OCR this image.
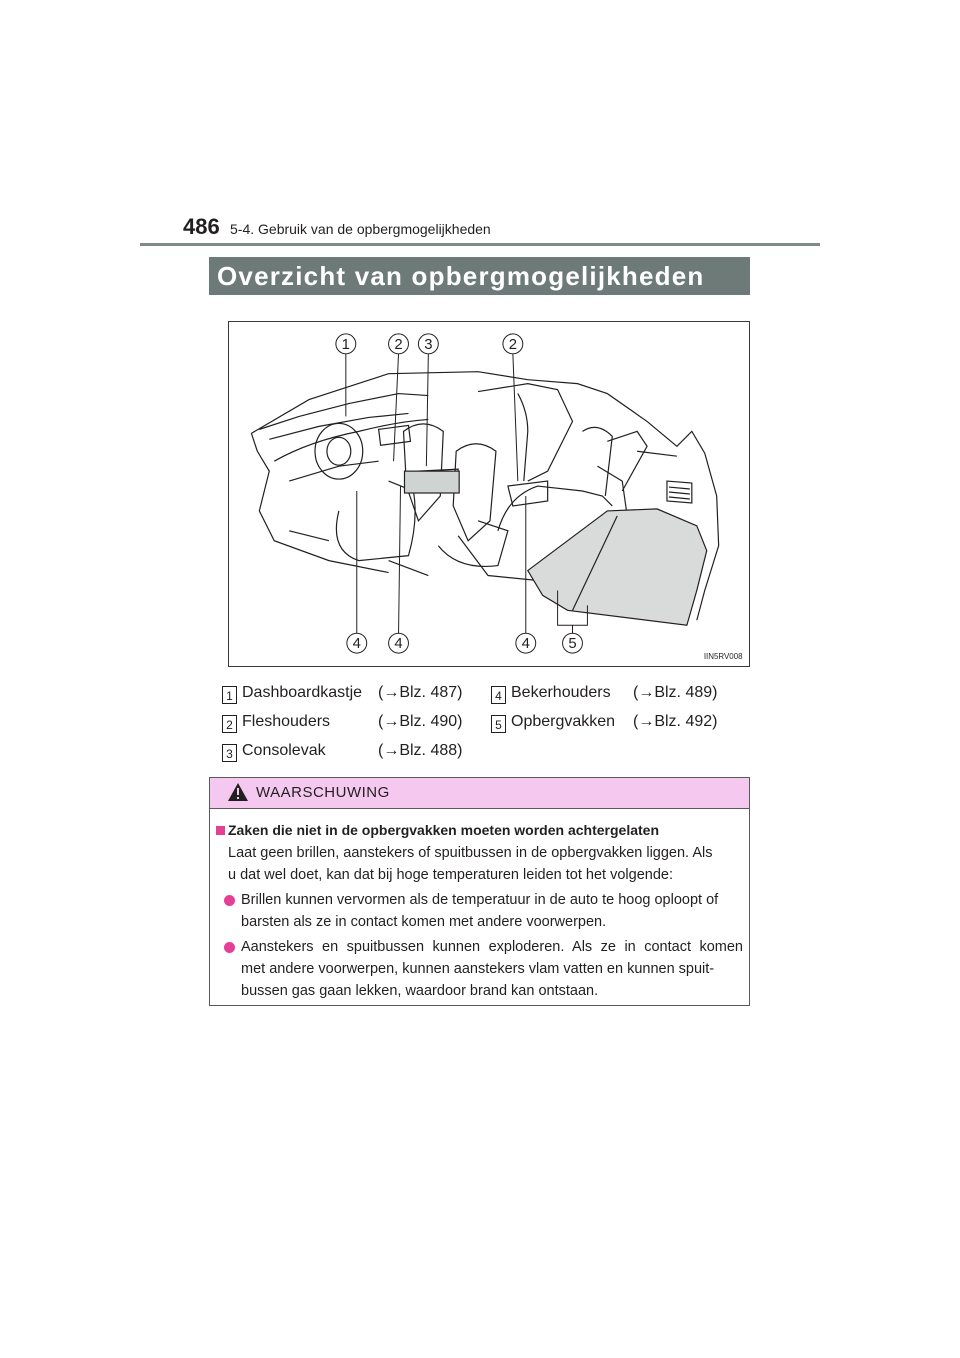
486 5-4. Gebruik van de opbergmogelijkheden
Overzicht van opbergmogelijkheden
1	2 3	2
4 4	4	5
IIN5RV008
1 Dashboardkastje (→Blz. 487)
2 Fleshouders	(→Blz. 490)
3 Consolevak	(→Blz. 488)
4 Bekerhouders (→Blz. 489)
5 Opbergvakken (→Blz. 492)
WAARSCHUWING
Zaken die niet in de opbergvakken moeten worden achtergelaten
Laat geen brillen, aanstekers of spuitbussen in de opbergvakken liggen. Als
u dat wel doet, kan dat bij hoge temperaturen leiden tot het volgende:
Brillen kunnen vervormen als de temperatuur in de auto te hoog oploopt of
barsten als ze in contact komen met andere voorwerpen.
Aanstekers en spuitbussen kunnen exploderen. Als ze in contact komen
met andere voorwerpen, kunnen aanstekers vlam vatten en kunnen spuit-
bussen gas gaan lekken, waardoor brand kan ontstaan.
